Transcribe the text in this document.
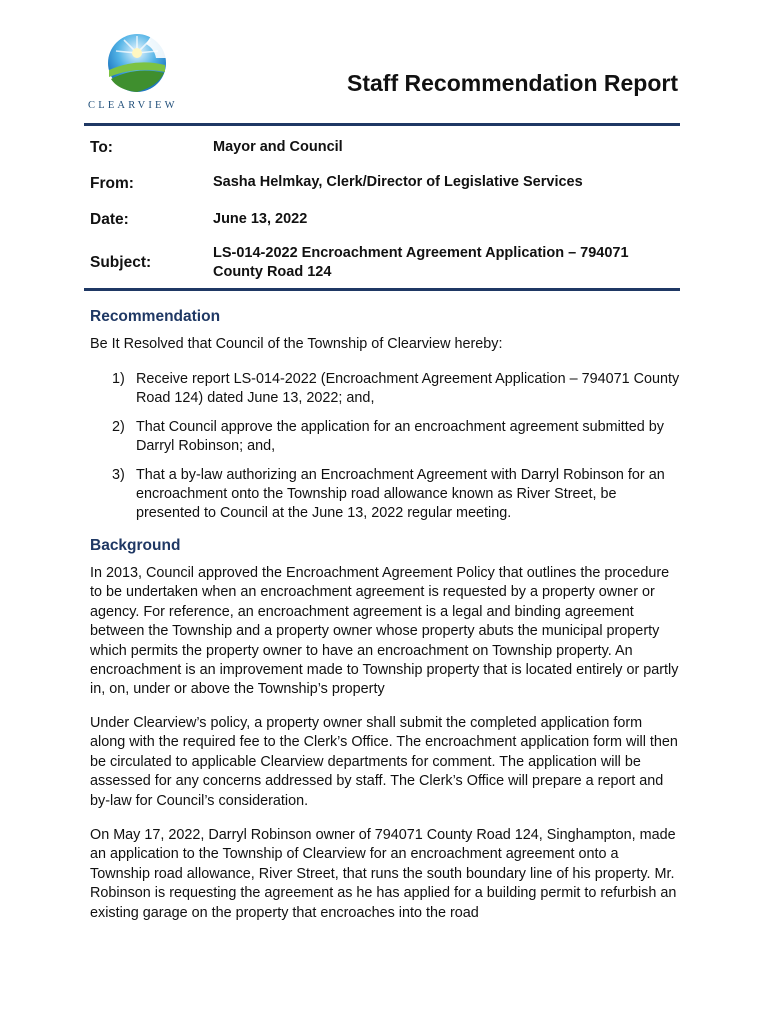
CLEARVIEW
Staff Recommendation Report
To:	Mayor and Council
From:	Sasha Helmkay, Clerk/Director of Legislative Services
Date:	June 13, 2022
Subject:
LS-014-2022 Encroachment Agreement Application – 794071
County Road 124
Recommendation

Be It Resolved that Council of the Township of Clearview hereby:

1) Receive report LS-014-2022 (Encroachment Agreement Application – 794071 County Road 124) dated June 13, 2022; and,
2) That Council approve the application for an encroachment agreement submitted by Darryl Robinson; and,
3) That a by-law authorizing an Encroachment Agreement with Darryl Robinson for an encroachment onto the Township road allowance known as River Street, be presented to Council at the June 13, 2022 regular meeting.
Background

In 2013, Council approved the Encroachment Agreement Policy that outlines the procedure to be undertaken when an encroachment agreement is requested by a property owner or agency. For reference, an encroachment agreement is a legal and binding agreement between the Township and a property owner whose property abuts the municipal property which permits the property owner to have an encroachment on Township property. An encroachment is an improvement made to Township property that is located entirely or partly in, on, under or above the Township’s property

Under Clearview’s policy, a property owner shall submit the completed application form along with the required fee to the Clerk’s Office. The encroachment application form will then be circulated to applicable Clearview departments for comment. The application will be assessed for any concerns addressed by staff. The Clerk’s Office will prepare a report and by-law for Council’s consideration.

On May 17, 2022, Darryl Robinson owner of 794071 County Road 124, Singhampton, made an application to the Township of Clearview for an encroachment agreement onto a Township road allowance, River Street, that runs the south boundary line of his property. Mr. Robinson is requesting the agreement as he has applied for a building permit to refurbish an existing garage on the property that encroaches into the road
